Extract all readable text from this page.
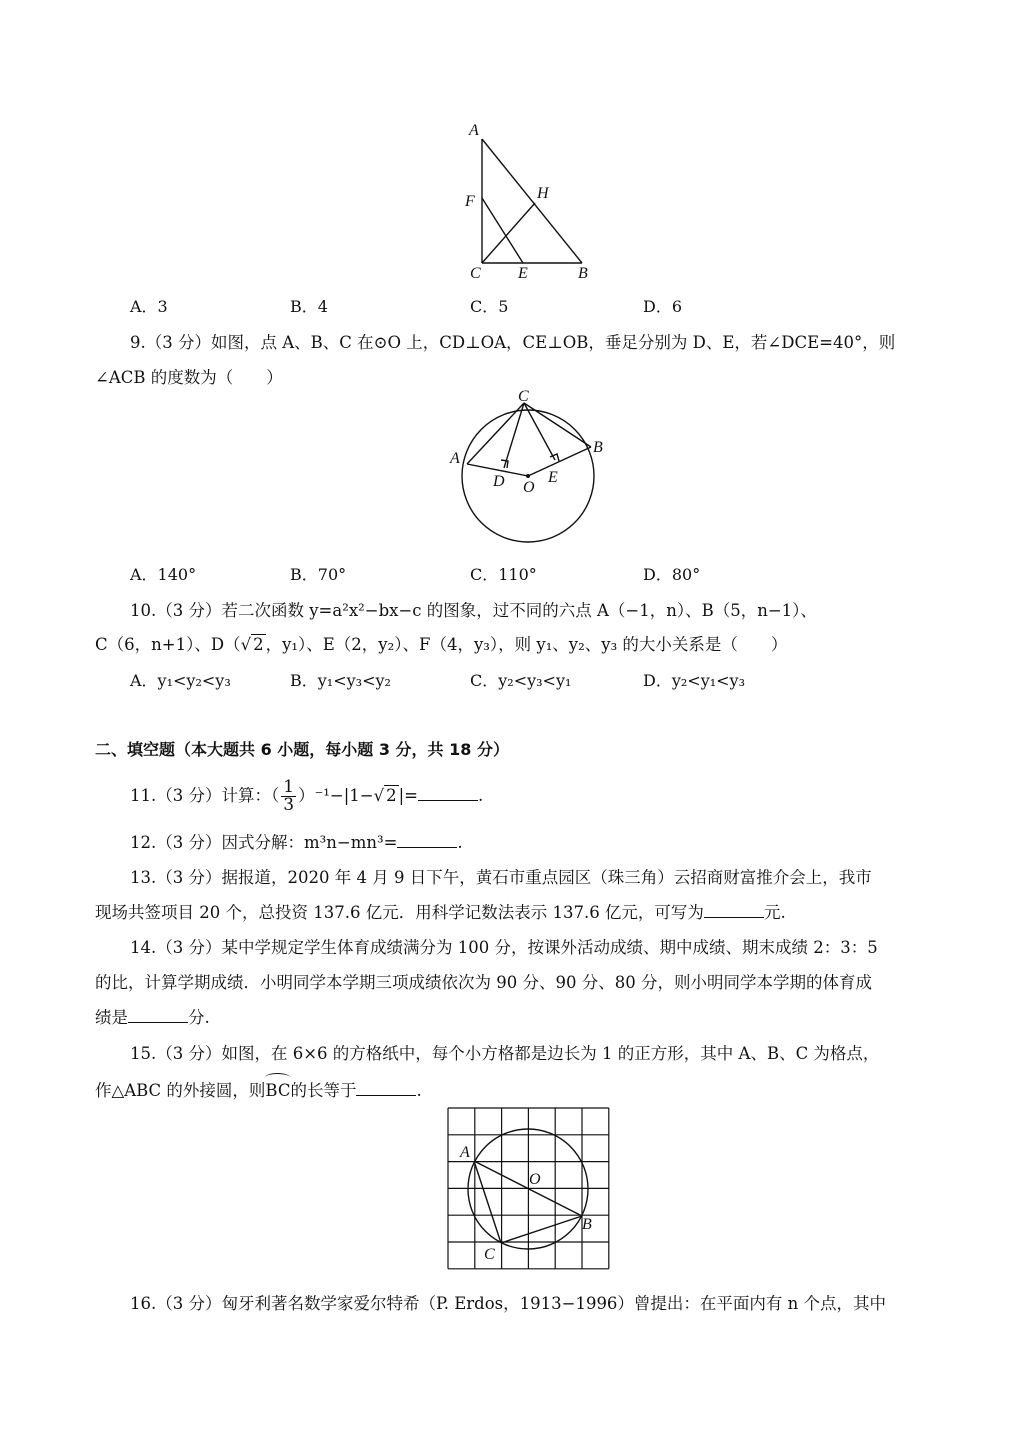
A
F	H
C E	B
A．3	B．4	C．5	D．6
9.（3 分）如图，点 A、B、C 在⊙O 上，CD⊥OA，CE⊥OB，垂足分别为 D、E，若∠DCE=40°，则
∠ACB 的度数为（　　）
C
A
B
D O
E
A．140°	B．70°	C．110°	D．80°
10.（3 分）若二次函数 y=a²x²−bx−c 的图象，过不同的六点 A（−1，n）、B（5，n−1）、
C（6，n+1）、D（√ 2 ，y₁）、E（2，y₂）、F（4，y₃），则 y₁、y₂、y₃ 的大小关系是（　　）
A．y₁<y₂<y₃	B．y₁<y₃<y₂	C．y₂<y₃<y₁	D．y₂<y₁<y₃
二、填空题（本大题共 6 小题，每小题 3 分，共 18 分）
11.（3 分）计算：（ $\frac{1}{3} )^{-1}-|1-√$ 2 |=	.
12.（3 分）因式分解：m³n−mn³=	.
13.（3 分）据报道，2020 年 4 月 9 日下午，黄石市重点园区（珠三角）云招商财富推介会上，我市
现场共签项目 20 个，总投资 137.6 亿元．用科学记数法表示 137.6 亿元，可写为	元.
14.（3 分）某中学规定学生体育成绩满分为 100 分，按课外活动成绩、期中成绩、期末成绩 2：3：5
的比，计算学期成绩．小明同学本学期三项成绩依次为 90 分、90 分、80 分，则小明同学本学期的体育成
绩是	分.
15.（3 分）如图，在 6×6 的方格纸中，每个小方格都是边长为 1 的正方形，其中 A、B、C 为格点，
作△ABC 的外接圆，则
BC的长等于	.
A
O
B
C
16.（3 分）匈牙利著名数学家爱尔特希（P. Erdos，1913−1996）曾提出：在平面内有 n 个点，其中
